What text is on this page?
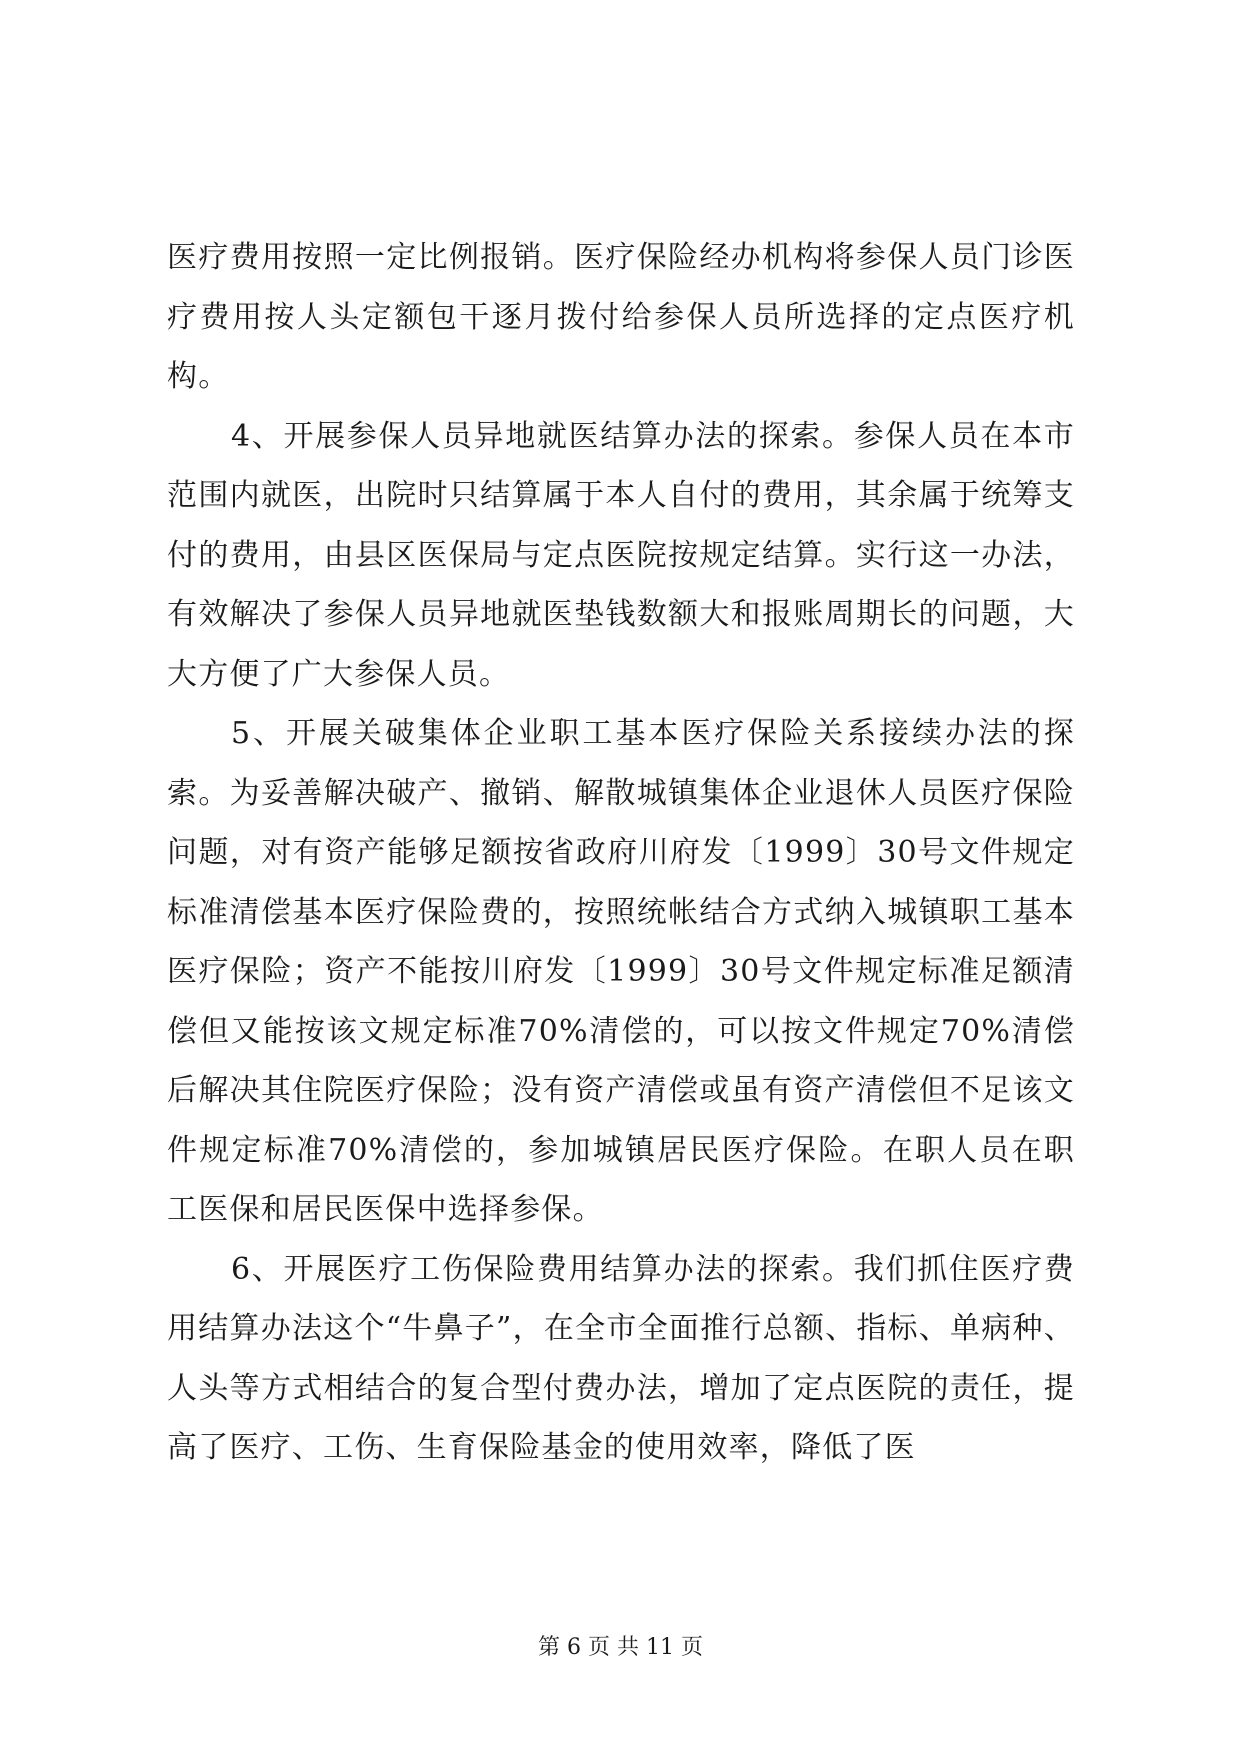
医疗费用按照一定比例报销。医疗保险经办机构将参保人员门诊医疗费用按人头定额包干逐月拨付给参保人员所选择的定点医疗机构。

4、开展参保人员异地就医结算办法的探索。参保人员在本市范围内就医，出院时只结算属于本人自付的费用，其余属于统筹支付的费用，由县区医保局与定点医院按规定结算。实行这一办法，有效解决了参保人员异地就医垫钱数额大和报账周期长的问题，大大方便了广大参保人员。

5、开展关破集体企业职工基本医疗保险关系接续办法的探索。为妥善解决破产、撤销、解散城镇集体企业退休人员医疗保险问题，对有资产能够足额按省政府川府发〔1999〕30号文件规定标准清偿基本医疗保险费的，按照统帐结合方式纳入城镇职工基本医疗保险；资产不能按川府发〔1999〕30号文件规定标准足额清偿但又能按该文规定标准70%清偿的，可以按文件规定70%清偿后解决其住院医疗保险；没有资产清偿或虽有资产清偿但不足该文件规定标准70%清偿的，参加城镇居民医疗保险。在职人员在职工医保和居民医保中选择参保。

6、开展医疗工伤保险费用结算办法的探索。我们抓住医疗费用结算办法这个“牛鼻子”，在全市全面推行总额、指标、单病种、人头等方式相结合的复合型付费办法，增加了定点医院的责任，提高了医疗、工伤、生育保险基金的使用效率，降低了医

第 6 页 共 11 页
